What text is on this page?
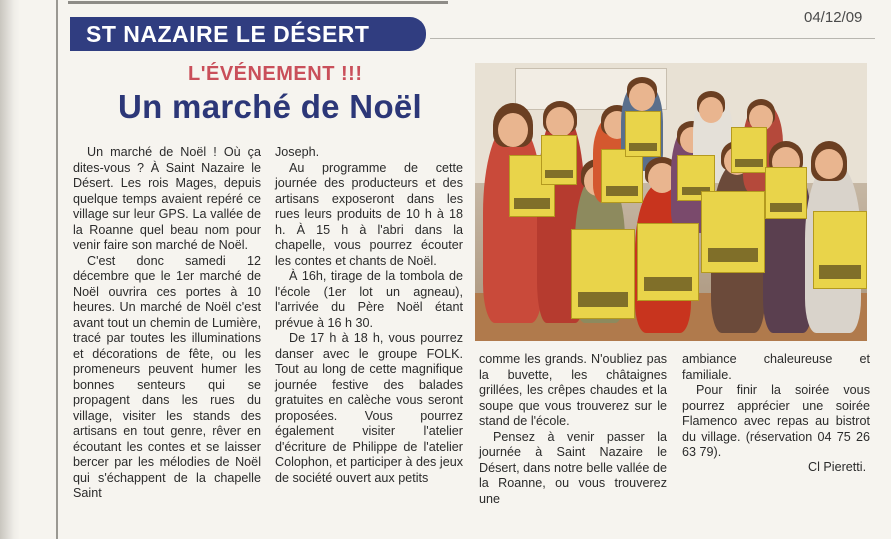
04/12/09
ST NAZAIRE LE DÉSERT
L'ÉVÉNEMENT !!!
Un marché de Noël

Un marché de Noël ! Où ça dites-vous ? À Saint Nazaire le Désert. Les rois Mages, depuis quelque temps avaient repéré ce village sur leur GPS. La vallée de la Roanne quel beau nom pour venir faire son marché de Noël.

C'est donc samedi 12 décembre que le 1er marché de Noël ouvrira ces portes à 10 heures. Un marché de Noël c'est avant tout un chemin de Lumière, tracé par toutes les illuminations et décorations de fête, ou les promeneurs peuvent humer les bonnes senteurs qui se propagent dans les rues du village, visiter les stands des artisans en tout genre, rêver en écoutant les contes et se laisser bercer par les mélodies de Noël qui s'échappent de la chapelle Saint

Joseph.

Au programme de cette journée des producteurs et des artisans exposeront dans les rues leurs produits de 10 h à 18 h. À 15 h à l'abri dans la chapelle, vous pourrez écouter les contes et chants de Noël.

À 16h, tirage de la tombola de l'école (1er lot un agneau), l'arrivée du Père Noël étant prévue à 16 h 30.

De 17 h à 18 h, vous pourrez danser avec le groupe FOLK. Tout au long de cette magnifique journée festive des balades gratuites en calèche vous seront proposées. Vous pourrez également visiter l'atelier d'écriture de Philippe de l'atelier Colophon, et participer à des jeux de société ouvert aux petits

comme les grands. N'oubliez pas la buvette, les châtaignes grillées, les crêpes chaudes et la soupe que vous trouverez sur le stand de l'école.

Pensez à venir passer la journée à Saint Nazaire le Désert, dans notre belle vallée de la Roanne, ou vous trouverez une

ambiance chaleureuse et familiale.

Pour finir la soirée vous pourrez apprécier une soirée Flamenco avec repas au bistrot du village. (réservation 04 75 26 63 79).

Cl Pieretti.
